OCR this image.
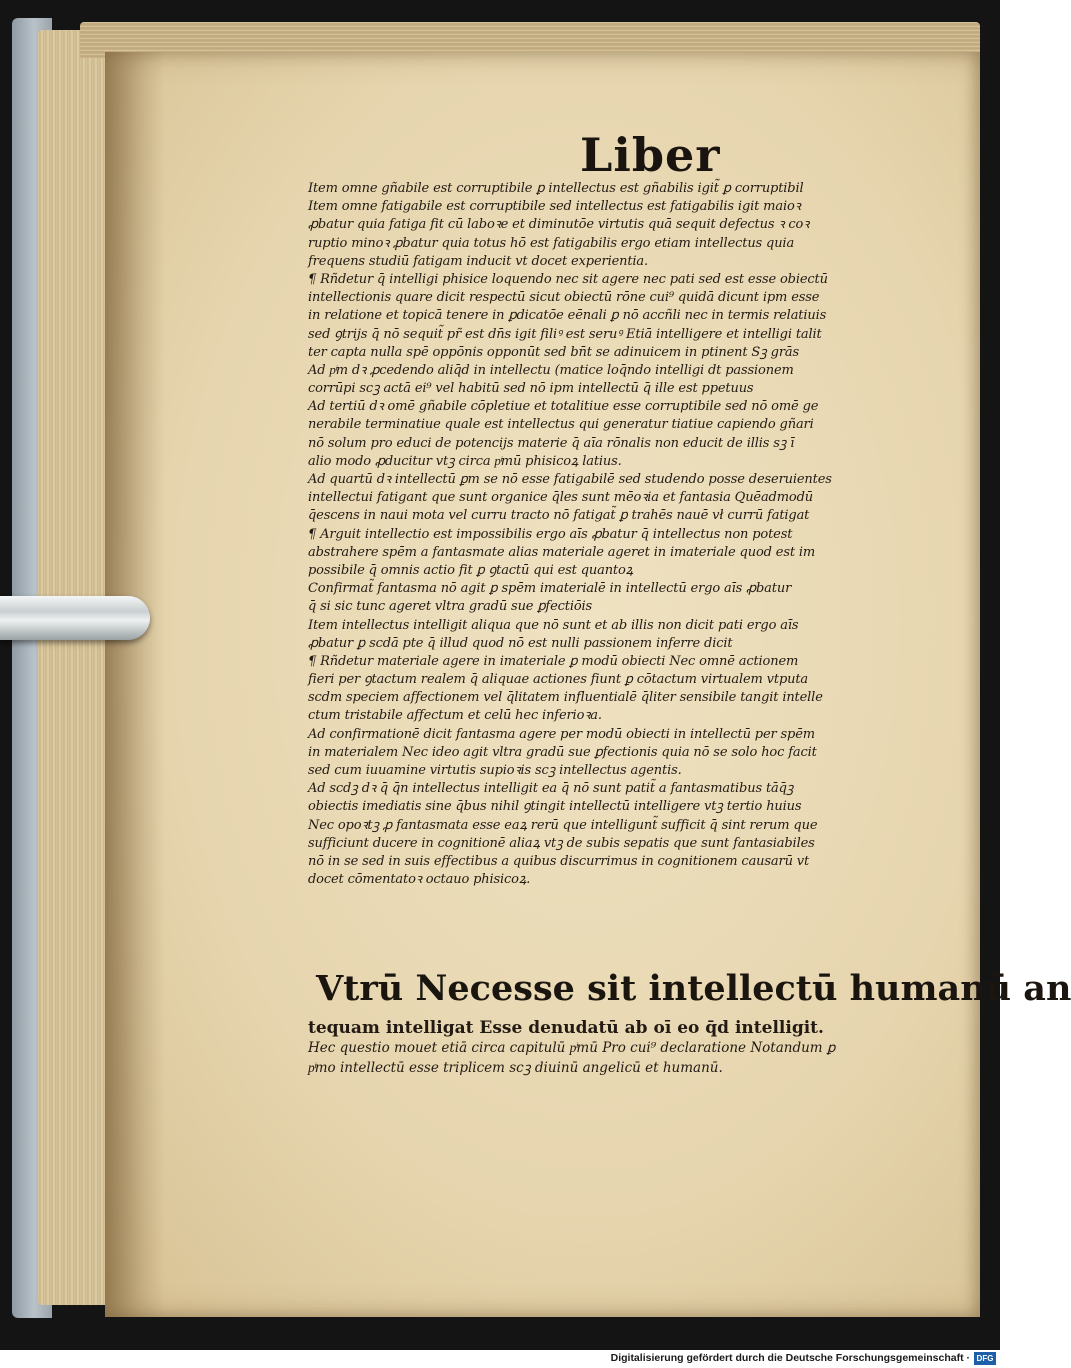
Liber
Item omne gñabile est corruptibile ꝑ intellectus est gñabilis igit̃ ꝑ corruptibil
Item omne fatigabile est corruptibile sed intellectus est fatigabilis igit maioꝛ
ꝓbatur quia fatiga fit cū laboꝛe et diminutōe virtutis quā sequit defectus ꝛ coꝛ
ruptio minoꝛ ꝓbatur quia totus hō est fatigabilis ergo etiam intellectus quia
frequens studiū fatigam inducit vt docet experientia.
¶ Rñdetur q̄ intelligi phisice loquendo nec sit agere nec pati sed est esse obiectū
intellectionis quare dicit respectū sicut obiectū rōne cui⁹ quidā dicunt ipm esse
in relatione et topicā tenere in ꝑdicatōe eēnali ꝑ nō accñli nec in termis relatiuis
sed ꝯtrijs q̄ nō sequit̃ pr̃ est dn̄s igit filiꝰ est seruꝰ Etiā intelligere et intelligi talit
ter capta nulla spē oppōnis opponūt sed bn̄t se adinuicem in ptinent Sꝫ grās
Ad pͥm dꝛ ꝓcedendo aliq̄d in intellectu (matice loq̄ndo intelligi dt passionem
corrūpi scꝫ actā ei⁹ vel habitū sed nō ipm intellectū q̄ ille est ppetuus
Ad tertiū dꝛ omē gñabile cōpletiue et totalitiue esse corruptibile sed nō omē ge
nerabile terminatiue quale est intellectus qui generatur tiatiue capiendo gñari
nō solum pro educi de potencijs materie q̄ aīa rōnalis non educit de illis sꝫ ī
alio modo ꝓducitur vtꝫ circa pͥmū phisicoꝝ latius.
Ad quartū dꝛ intellectū ꝑm se nō esse fatigabilē sed studendo posse deseruientes
intellectui fatigant que sunt organice q̄les sunt mēoꝛia et fantasia Quēadmodū
q̄escens in naui mota vel curru tracto nō fatigat̃ ꝑ trahēs nauē vł currū fatigat
¶ Arguit intellectio est impossibilis ergo aīs ꝓbatur q̄ intellectus non potest
abstrahere spēm a fantasmate alias materiale ageret in imateriale quod est im
possibile q̄ omnis actio fit ꝑ ꝯtactū qui est quantoꝝ
Confirmat̃ fantasma nō agit ꝑ spēm imaterialē in intellectū ergo aīs ꝓbatur
q̄ si sic tunc ageret vltra gradū sue ꝑfectiōis
Item intellectus intelligit aliqua que nō sunt et ab illis non dicit pati ergo aīs
ꝓbatur ꝑ scdā pte q̄ illud quod nō est nulli passionem inferre dicit
¶ Rñdetur materiale agere in imateriale ꝑ modū obiecti Nec omnē actionem
fieri per ꝯtactum realem q̄ aliquae actiones fiunt ꝑ cōtactum virtualem vtputa
scdm speciem affectionem vel q̄litatem influentialē q̄liter sensibile tangit intelle
ctum tristabile affectum et celū hec inferioꝛa.
Ad confirmationē dicit fantasma agere per modū obiecti in intellectū per spēm
in materialem Nec ideo agit vltra gradū sue ꝑfectionis quia nō se solo hoc facit
sed cum iuuamine virtutis supioꝛis scꝫ intellectus agentis.
Ad scdꝫ dꝛ q̄ q̄n intellectus intelligit ea q̄ nō sunt patit̃ a fantasmatibus tāq̄ꝫ
obiectis imediatis sine q̄bus nihil ꝯtingit intellectū intelligere vtꝫ tertio huius
Nec opoꝛtꝫ ꝓ fantasmata esse eaꝝ rerū que intelligunt̃ sufficit q̄ sint rerum que
sufficiunt ducere in cognitionē aliaꝝ vtꝫ de subis sepatis que sunt fantasiabiles
nō in se sed in suis effectibus a quibus discurrimus in cognitionem causarū vt
docet cōmentatoꝛ octauo phisicoꝝ.
Vtrū Necesse sit intellectū humanū an
tequam intelligat Esse denudatū ab oī eo q̄d intelligit.
Hec questio mouet etiā circa capitulū pͥmū Pro cui⁹ declaratione Notandum ꝑ
pͥmo intellectū esse triplicem scꝫ diuinū angelicū et humanū.
Digitalisierung gefördert durch die Deutsche Forschungsgemeinschaft · DFG
